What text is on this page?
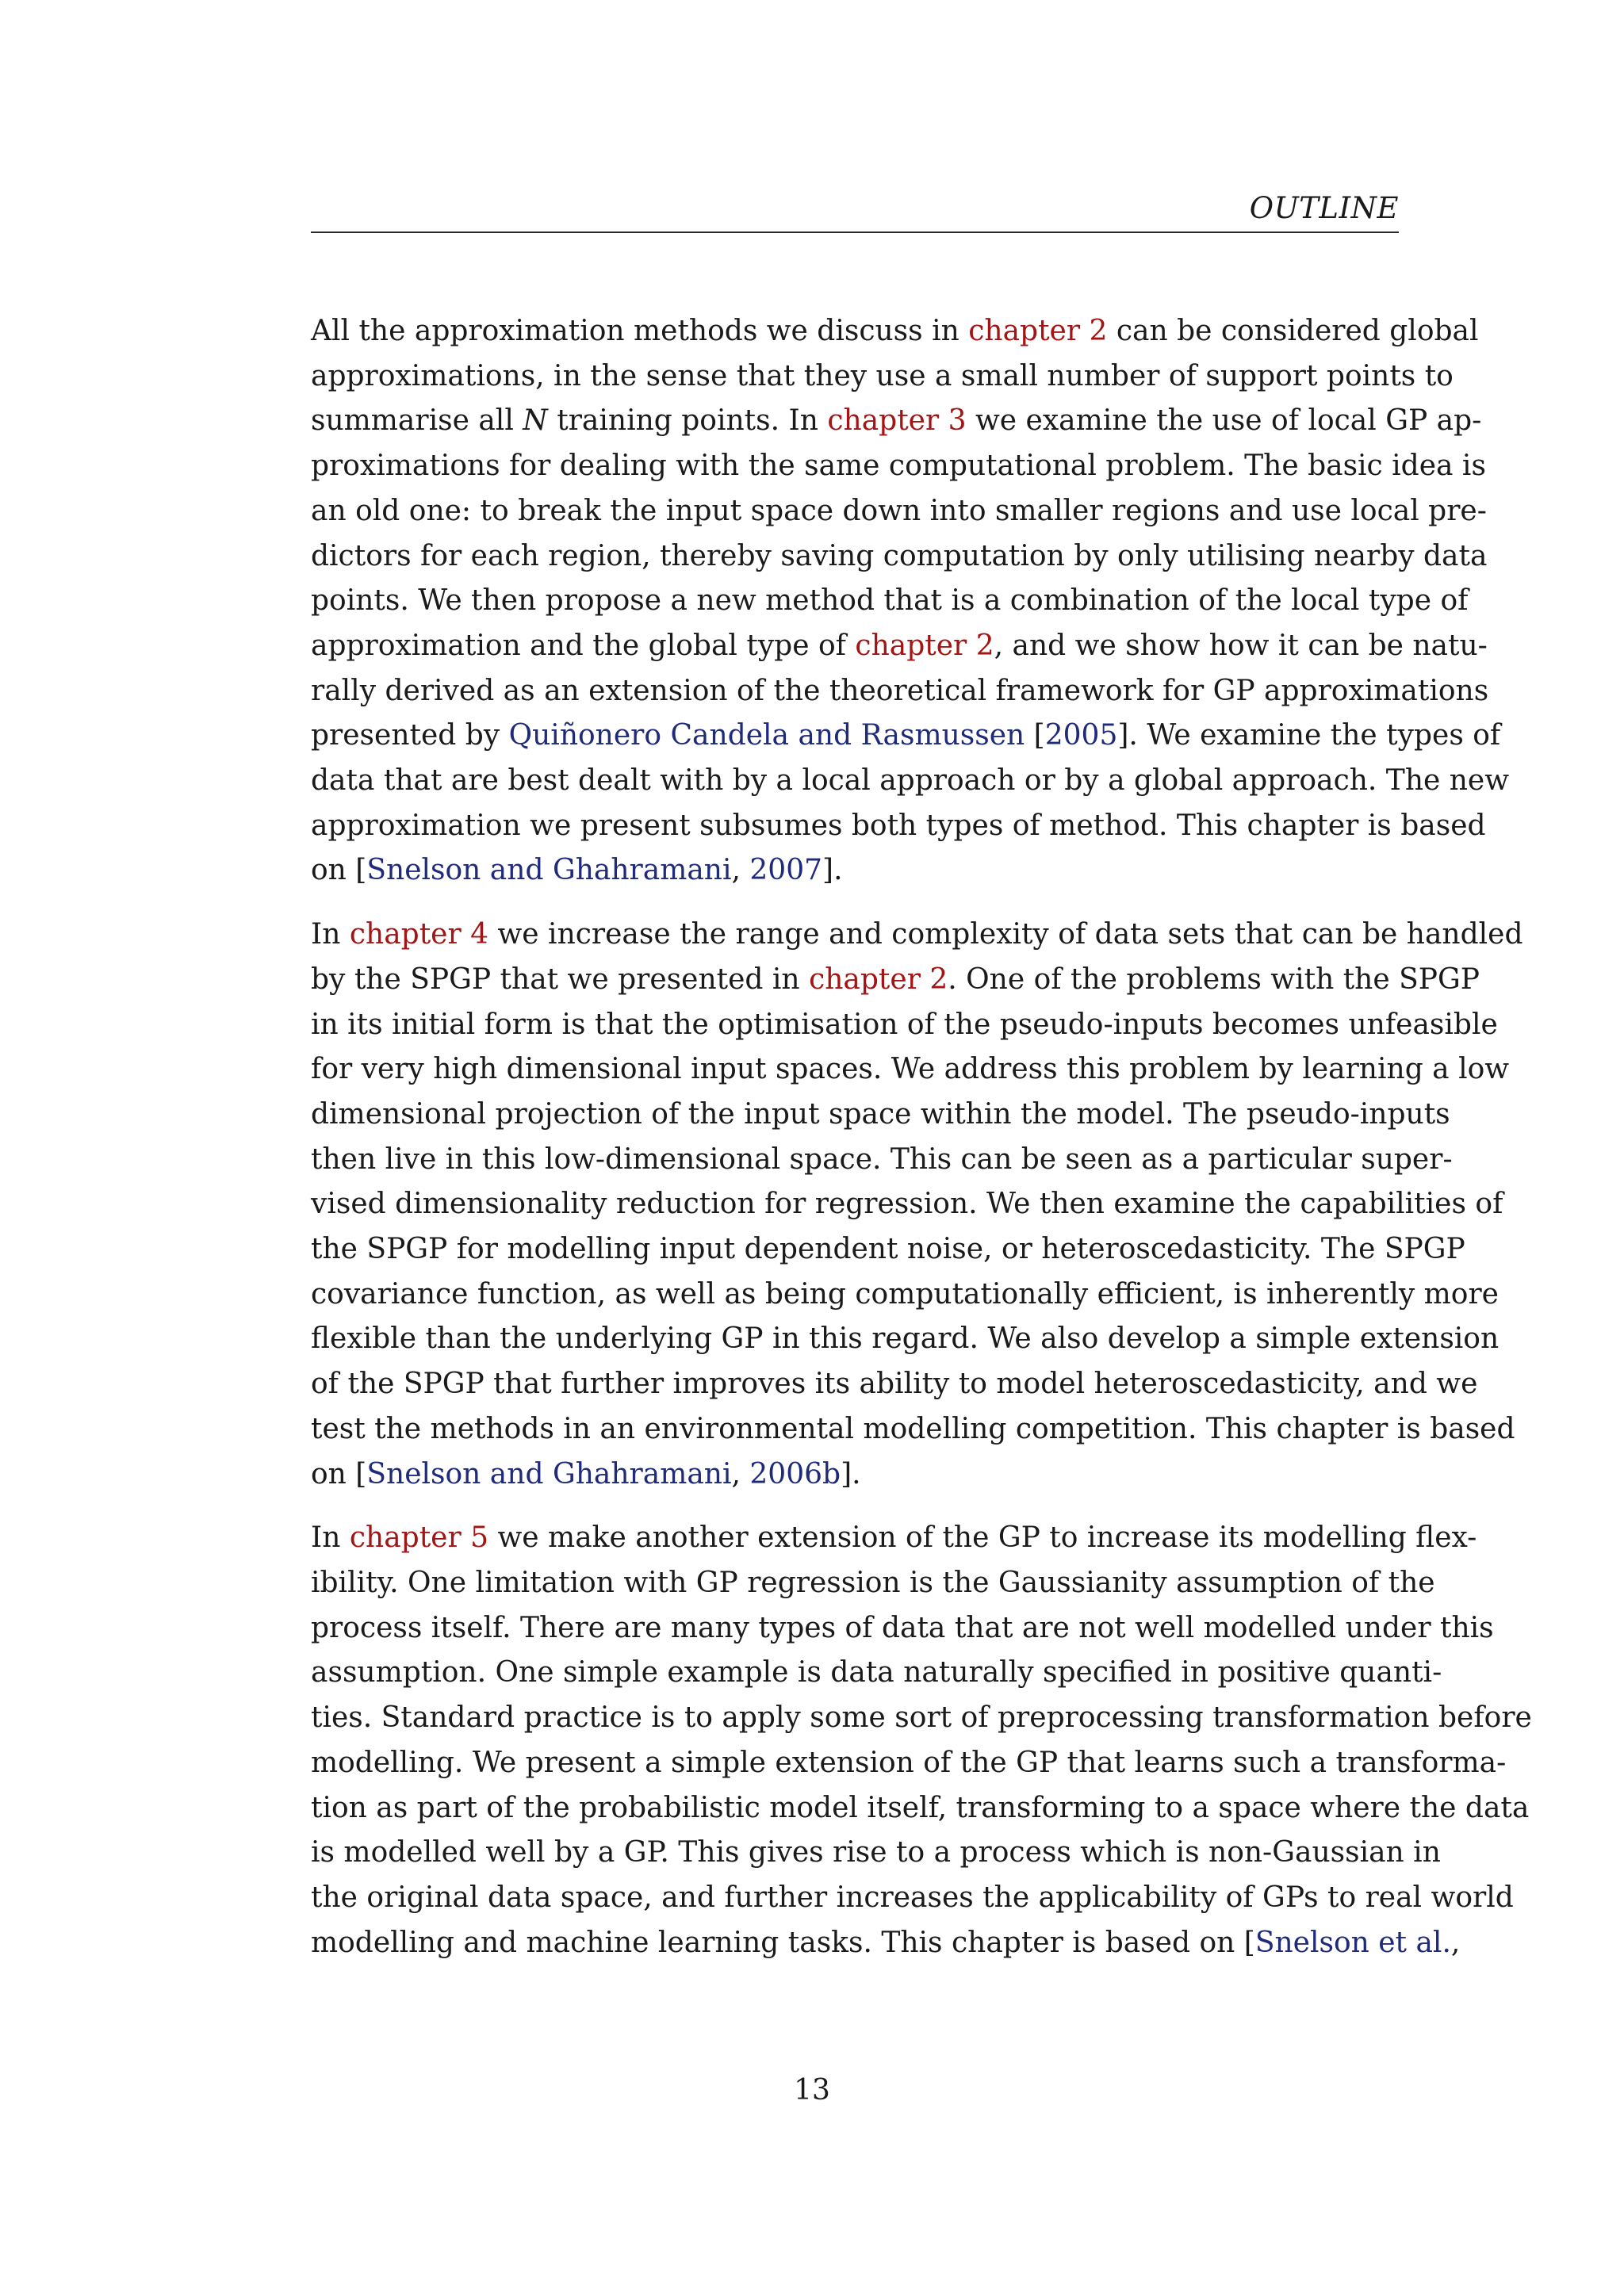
OUTLINE

All the approximation methods we discuss in chapter 2 can be considered global
approximations, in the sense that they use a small number of support points to
summarise all N training points. In chapter 3 we examine the use of local GP ap-
proximations for dealing with the same computational problem. The basic idea is
an old one: to break the input space down into smaller regions and use local pre-
dictors for each region, thereby saving computation by only utilising nearby data
points. We then propose a new method that is a combination of the local type of
approximation and the global type of chapter 2, and we show how it can be natu-
rally derived as an extension of the theoretical framework for GP approximations
presented by Quiñonero Candela and Rasmussen [2005]. We examine the types of
data that are best dealt with by a local approach or by a global approach. The new
approximation we present subsumes both types of method. This chapter is based
on [Snelson and Ghahramani, 2007].

In chapter 4 we increase the range and complexity of data sets that can be handled
by the SPGP that we presented in chapter 2. One of the problems with the SPGP
in its initial form is that the optimisation of the pseudo-inputs becomes unfeasible
for very high dimensional input spaces. We address this problem by learning a low
dimensional projection of the input space within the model. The pseudo-inputs
then live in this low-dimensional space. This can be seen as a particular super-
vised dimensionality reduction for regression. We then examine the capabilities of
the SPGP for modelling input dependent noise, or heteroscedasticity. The SPGP
covariance function, as well as being computationally efficient, is inherently more
flexible than the underlying GP in this regard. We also develop a simple extension
of the SPGP that further improves its ability to model heteroscedasticity, and we
test the methods in an environmental modelling competition. This chapter is based
on [Snelson and Ghahramani, 2006b].

In chapter 5 we make another extension of the GP to increase its modelling flex-
ibility. One limitation with GP regression is the Gaussianity assumption of the
process itself. There are many types of data that are not well modelled under this
assumption. One simple example is data naturally specified in positive quanti-
ties. Standard practice is to apply some sort of preprocessing transformation before
modelling. We present a simple extension of the GP that learns such a transforma-
tion as part of the probabilistic model itself, transforming to a space where the data
is modelled well by a GP. This gives rise to a process which is non-Gaussian in
the original data space, and further increases the applicability of GPs to real world
modelling and machine learning tasks. This chapter is based on [Snelson et al.,

13
